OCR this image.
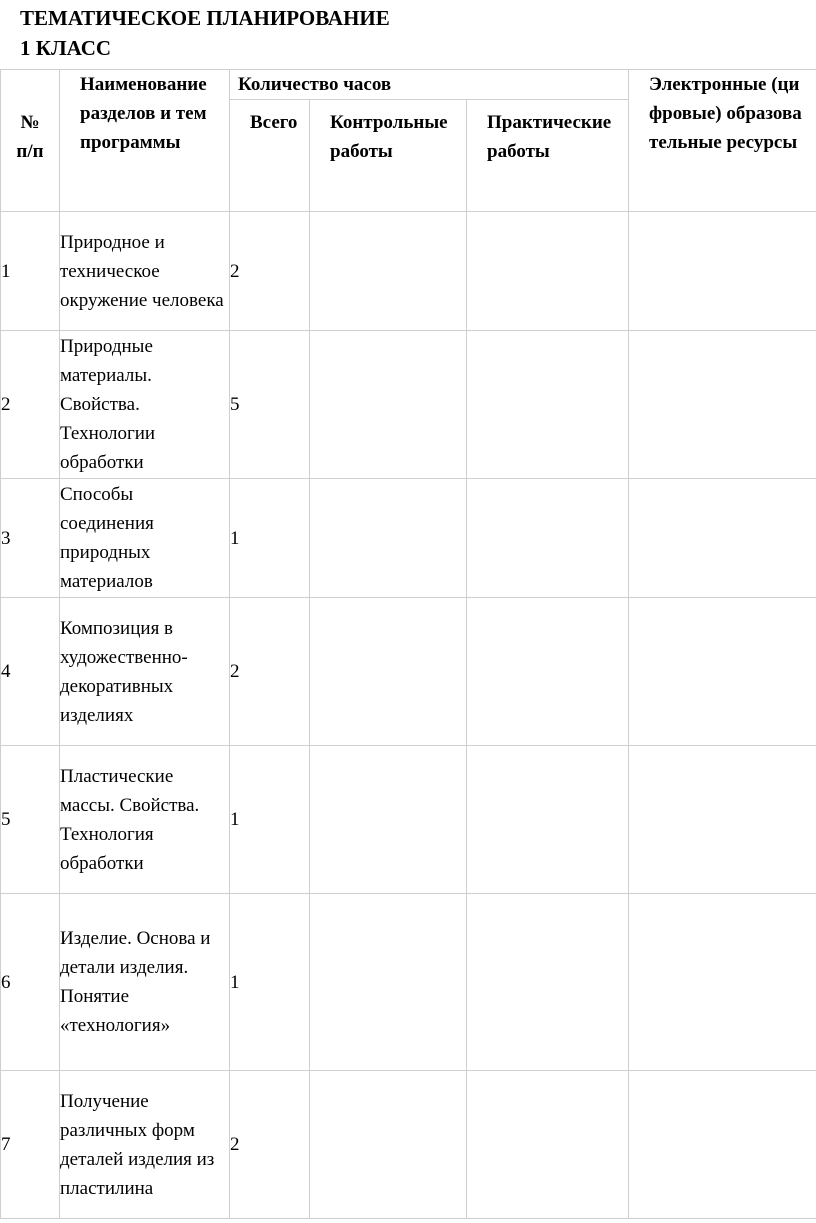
ТЕМАТИЧЕСКОЕ ПЛАНИРОВАНИЕ
1 КЛАСС
№ п/п	Наименование разделов и тем программы	Количество часов			Электронные (цифровые) образовательные ресурсы

		Всего	Контрольные работы	Практические работы	

1	Природное и техническое окружение человека	2			
2	Природные материалы. Свойства. Технологии обработки	5			
3	Способы соединения природных материалов	1			
4	Композиция в художественно-декоративных изделиях	2			
5	Пластические массы. Свойства. Технология обработки	1			
6	Изделие. Основа и детали изделия. Понятие «технология»	1			
7	Получение различных форм деталей изделия из пластилина	2			
